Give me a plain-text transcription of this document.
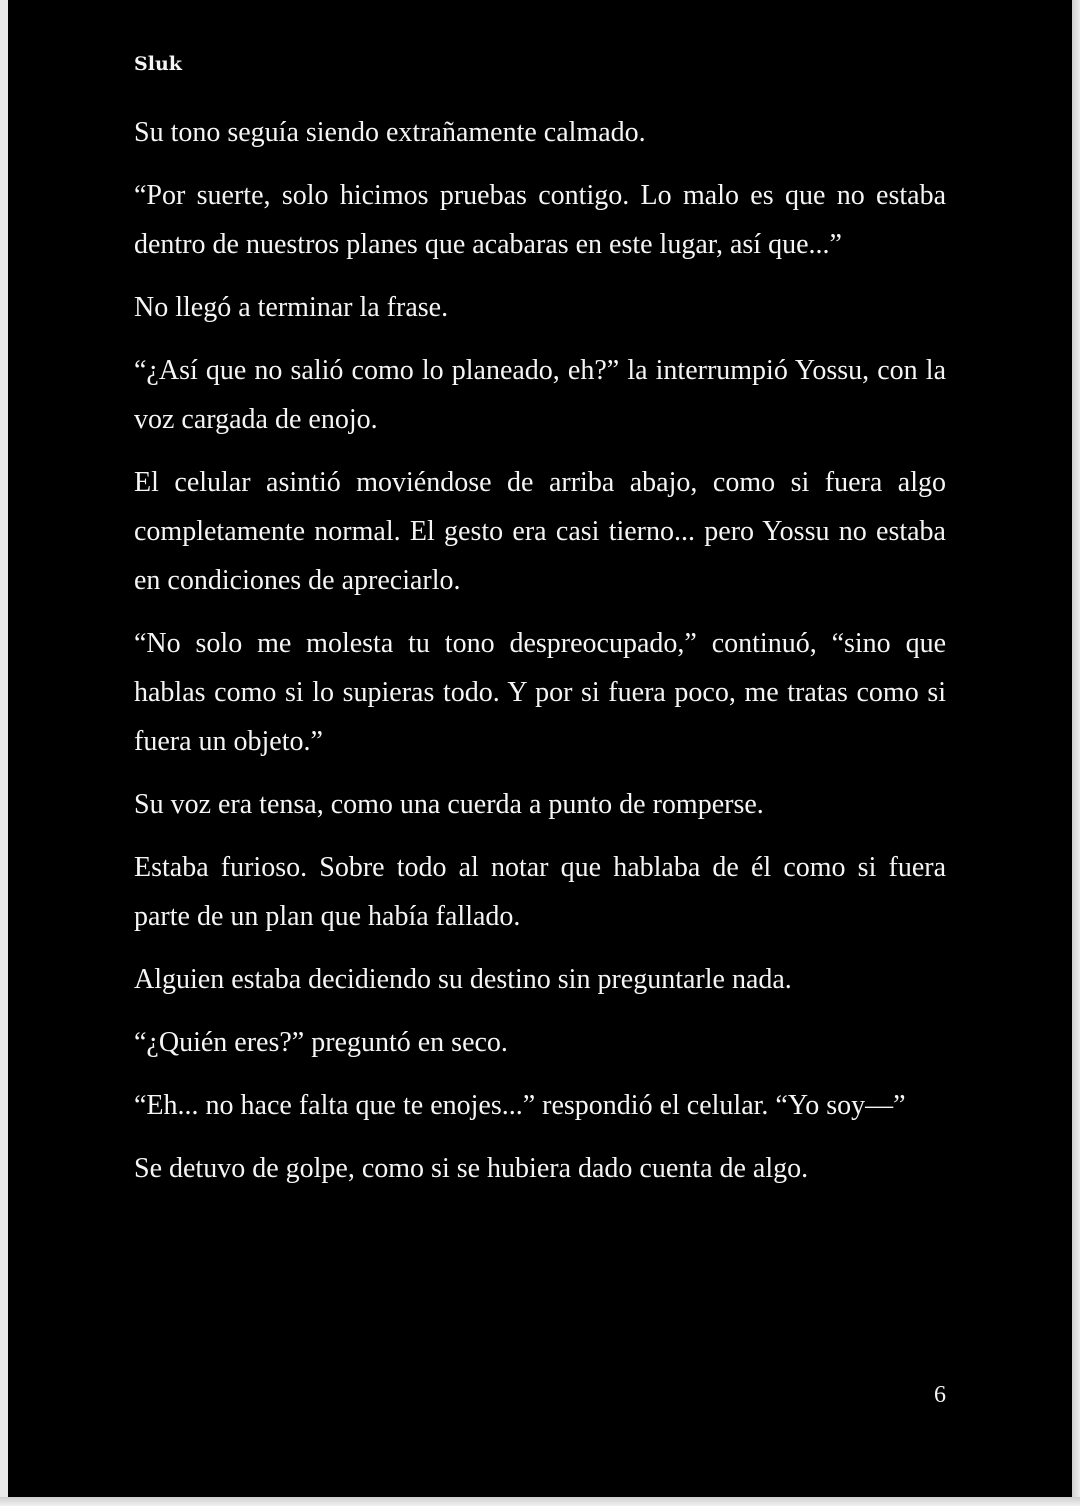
Sluk

Su tono seguía siendo extrañamente calmado.

“Por suerte, solo hicimos pruebas contigo. Lo malo es que no estaba dentro de nuestros planes que acabaras en este lugar, así que...”

No llegó a terminar la frase.

“¿Así que no salió como lo planeado, eh?” la interrumpió Yossu, con la voz cargada de enojo.

El celular asintió moviéndose de arriba abajo, como si fuera algo completamente normal. El gesto era casi tierno... pero Yossu no estaba en condiciones de apreciarlo.

“No solo me molesta tu tono despreocupado,” continuó, “sino que hablas como si lo supieras todo. Y por si fuera poco, me tratas como si fuera un objeto.”

Su voz era tensa, como una cuerda a punto de romperse.

Estaba furioso. Sobre todo al notar que hablaba de él como si fuera parte de un plan que había fallado.

Alguien estaba decidiendo su destino sin preguntarle nada.

“¿Quién eres?” preguntó en seco.

“Eh... no hace falta que te enojes...” respondió el celular. “Yo soy—”

Se detuvo de golpe, como si se hubiera dado cuenta de algo.

6
